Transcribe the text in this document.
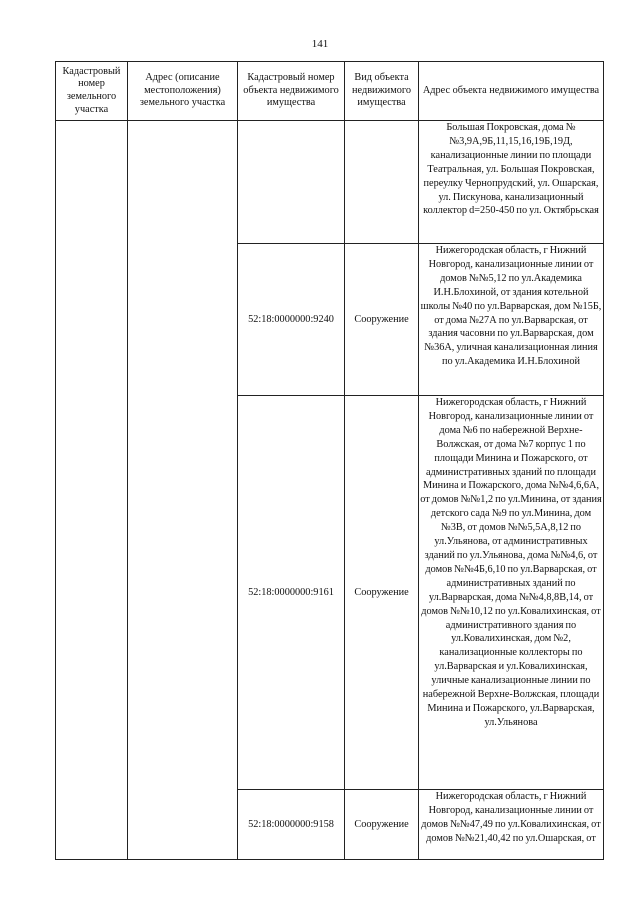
141
Кадастровый номер земельного участка	Адрес (описание местоположения) земельного участка	Кадастровый номер объекта недвижимого имущества	Вид объекта недвижимого имущества	Адрес объекта недвижимого имущества
				Большая Покровская, дома №№3,9А,9Б,11,15,16,19Б,19Д, канализационные линии по площади Театральная, ул. Большая Покровская, переулку Чернопрудский, ул. Ошарская, ул. Пискунова, канализационный коллектор d=250-450 по ул. Октябрьская
		52:18:0000000:9240	Сооружение	Нижегородская область, г Нижний Новгород, канализационные линии от домов №№5,12 по ул.Академика И.Н.Блохиной, от здания котельной школы №40 по ул.Варварская, дом №15Б, от дома №27А по ул.Варварская, от здания часовни по ул.Варварская, дом №36А, уличная канализационная линия по ул.Академика И.Н.Блохиной
		52:18:0000000:9161	Сооружение	Нижегородская область, г Нижний Новгород, канализационные линии от дома №6 по набережной Верхне-Волжская, от дома №7 корпус 1 по площади Минина и Пожарского, от административных зданий по площади Минина и Пожарского, дома №№4,6,6А, от домов №№1,2 по ул.Минина, от здания детского сада №9 по ул.Минина, дом №3В, от домов №№5,5А,8,12 по ул.Ульянова, от административных зданий по ул.Ульянова, дома №№4,6, от домов №№4Б,6,10 по ул.Варварская, от административных зданий по ул.Варварская, дома №№4,8,8В,14, от домов №№10,12 по ул.Ковалихинская, от административного здания по ул.Ковалихинская, дом №2, канализационные коллекторы по ул.Варварская и ул.Ковалихинская, уличные канализационные линии по набережной Верхне-Волжская, площади Минина и Пожарского, ул.Варварская, ул.Ульянова
		52:18:0000000:9158	Сооружение	Нижегородская область, г Нижний Новгород, канализационные линии от домов №№47,49 по ул.Ковалихинская, от домов №№21,40,42 по ул.Ошарская, от
